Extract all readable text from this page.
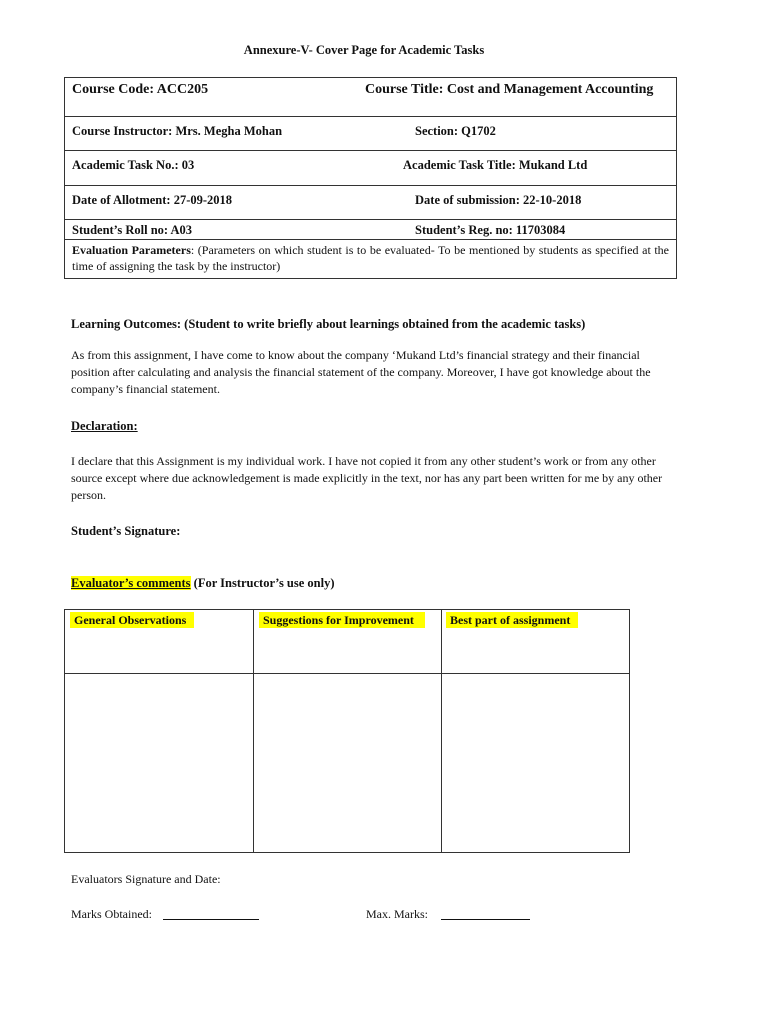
Annexure-V- Cover Page for Academic Tasks
Course Code: ACC205	Course Title: Cost and Management Accounting
Course Instructor: Mrs. Megha Mohan	Section: Q1702
Academic Task No.: 03	Academic Task Title: Mukand Ltd
Date of Allotment: 27-09-2018	Date of submission: 22-10-2018
Student’s Roll no: A03	Student’s Reg. no: 11703084
Evaluation Parameters: (Parameters on which student is to be evaluated- To be mentioned by students as specified at the time of assigning the task by the instructor)
Learning Outcomes: (Student to write briefly about learnings obtained from the academic tasks)
As from this assignment, I have come to know about the company ‘Mukand Ltd’s financial strategy and their financial position after calculating and analysis the financial statement of the company. Moreover, I have got knowledge about the company’s financial statement.
Declaration:
I declare that this Assignment is my individual work. I have not copied it from any other student’s work or from any other source except where due acknowledgement is made explicitly in the text, nor has any part been written for me by any other person.
Student’s Signature:
Evaluator’s comments (For Instructor’s use only)
General Observations	Suggestions for Improvement	Best part of assignment
Evaluators Signature and Date:
Marks Obtained:	Max. Marks:
